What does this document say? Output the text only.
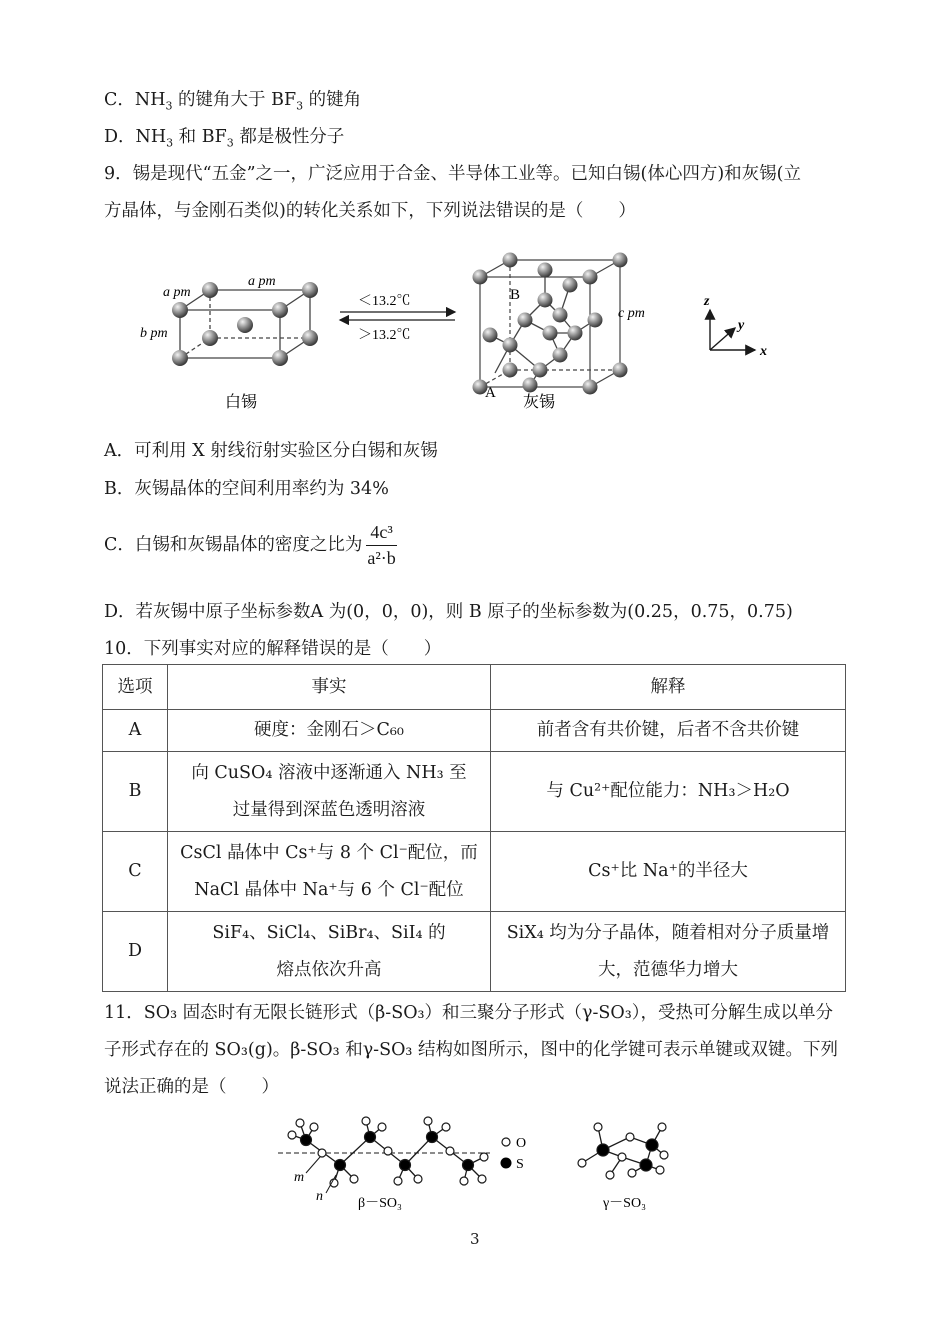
C．$NH_3$ 的键角大于 $BF_3$ 的键角
D．$NH_3$ 和 $BF_3$ 都是极性分子
9．锡是现代“五金”之一，广泛应用于合金、半导体工业等。已知白锡(体心四方)和灰锡(立
方晶体，与金刚石类似)的转化关系如下，下列说法错误的是（　　）
a pm
a pm
b pm
白锡
＜13.2℃
＞13.2℃
B
A
c pm
灰锡
z
y
x
A．可利用 X 射线衍射实验区分白锡和灰锡
B．灰锡晶体的空间利用率约为 34%
C．白锡和灰锡晶体的密度之比为 $\frac{\text{4c³}}{\text{a²·b}}$
D．若灰锡中原子坐标参数A 为(0，0，0)，则 B 原子的坐标参数为(0.25，0.75，0.75)
10．下列事实对应的解释错误的是（　　）
选项	事实	解释
A	硬度：金刚石＞C₆₀	前者含有共价键，后者不含共价键
B	向 CuSO₄ 溶液中逐渐通入 NH₃ 至过量得到深蓝色透明溶液	与 Cu²⁺配位能力：NH₃＞H₂O
C	CsCl 晶体中 Cs⁺与 8 个 Cl⁻配位，而 NaCl 晶体中 Na⁺与 6 个 Cl⁻配位	Cs⁺比 Na⁺的半径大
D	SiF₄、SiCl₄、SiBr₄、SiI₄ 的熔点依次升高	SiX₄ 均为分子晶体，随着相对分子质量增大，范德华力增大
11．SO₃ 固态时有无限长链形式（β-SO₃）和三聚分子形式（γ-SO₃），受热可分解生成以单分子形式存在的 SO₃(g)。β-SO₃ 和γ-SO₃ 结构如图所示，图中的化学键可表示单键或双键。下列说法正确的是（　　）
m
n	β－SO₃
O
S
γ－SO₃
3
